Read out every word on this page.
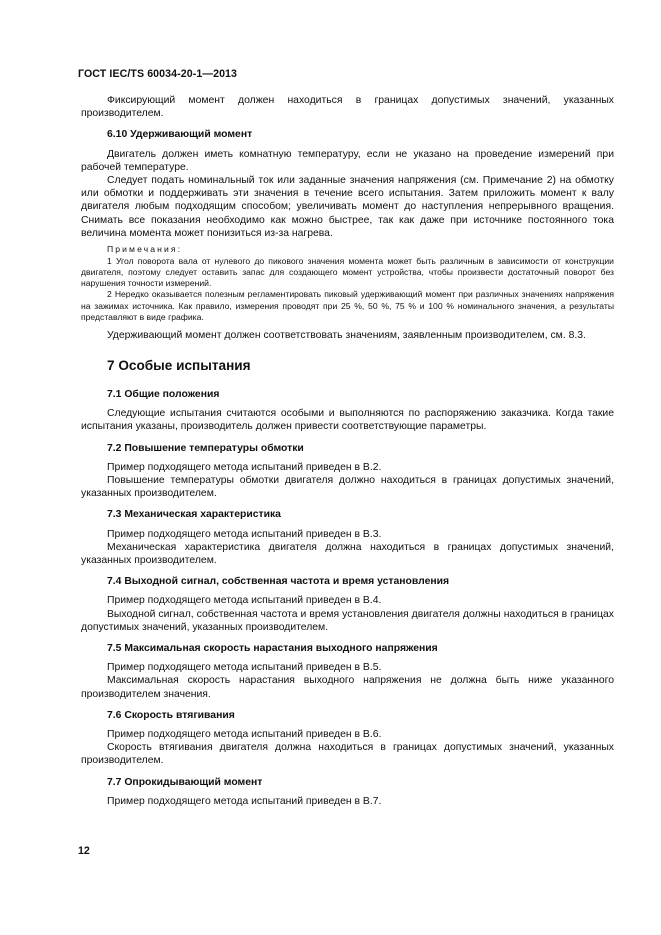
ГОСТ IEC/TS 60034-20-1—2013

Фиксирующий момент должен находиться в границах допустимых значений, указанных производителем.

6.10 Удерживающий момент

Двигатель должен иметь комнатную температуру, если не указано на проведение измерений при рабочей температуре.

Следует подать номинальный ток или заданные значения напряжения (см. Примечание 2) на обмотку или обмотки и поддерживать эти значения в течение всего испытания. Затем приложить момент к валу двигателя любым подходящим способом; увеличивать момент до наступления непрерывного вращения. Снимать все показания необходимо как можно быстрее, так как даже при источнике постоянного тока величина момента может понизиться из-за нагрева.

Примечания:

1 Угол поворота вала от нулевого до пикового значения момента может быть различным в зависимости от конструкции двигателя, поэтому следует оставить запас для создающего момент устройства, чтобы произвести достаточный поворот без нарушения точности измерений.

2 Нередко оказывается полезным регламентировать пиковый удерживающий момент при различных значениях напряжения на зажимах источника. Как правило, измерения проводят при 25 %, 50 %, 75 % и 100 % номинального значения, а результаты представляют в виде графика.

Удерживающий момент должен соответствовать значениям, заявленным производителем, см. 8.3.

7 Особые испытания
7.1 Общие положения

Следующие испытания считаются особыми и выполняются по распоряжению заказчика. Когда такие испытания указаны, производитель должен привести соответствующие параметры.

7.2 Повышение температуры обмотки

Пример подходящего метода испытаний приведен в В.2.

Повышение температуры обмотки двигателя должно находиться в границах допустимых значений, указанных производителем.

7.3 Механическая характеристика

Пример подходящего метода испытаний приведен в В.3.

Механическая характеристика двигателя должна находиться в границах допустимых значений, указанных производителем.

7.4 Выходной сигнал, собственная частота и время установления

Пример подходящего метода испытаний приведен в В.4.

Выходной сигнал, собственная частота и время установления двигателя должны находиться в границах допустимых значений, указанных производителем.

7.5 Максимальная скорость нарастания выходного напряжения

Пример подходящего метода испытаний приведен в В.5.

Максимальная скорость нарастания выходного напряжения не должна быть ниже указанного производителем значения.

7.6 Скорость втягивания

Пример подходящего метода испытаний приведен в В.6.

Скорость втягивания двигателя должна находиться в границах допустимых значений, указанных производителем.

7.7 Опрокидывающий момент

Пример подходящего метода испытаний приведен в В.7.

12
